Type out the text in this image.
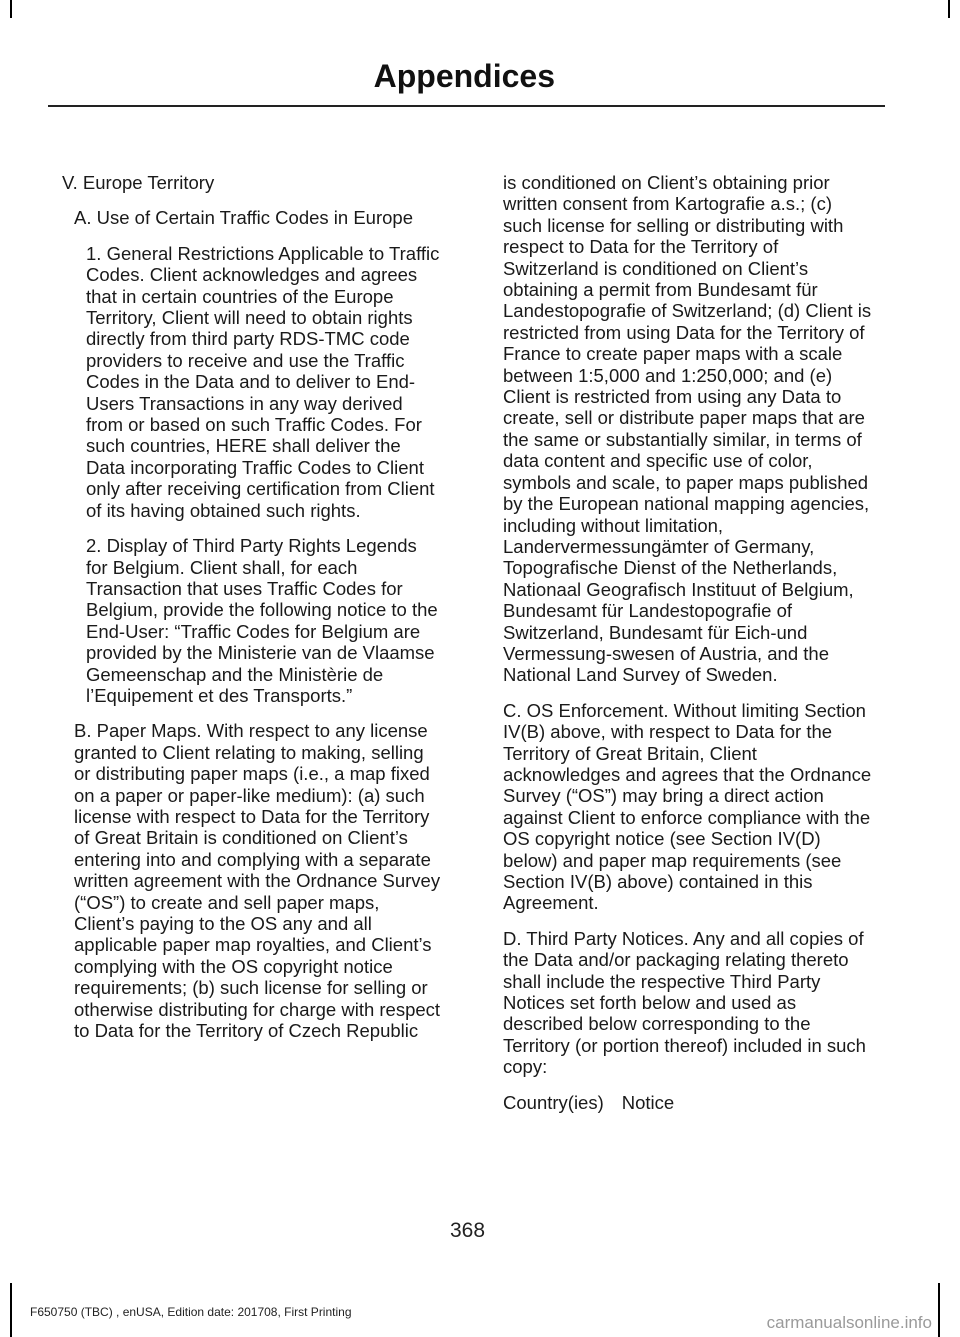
Appendices

V. Europe Territory

A. Use of Certain Traffic Codes in Europe

1. General Restrictions Applicable to Traffic Codes. Client acknowledges and agrees that in certain countries of the Europe Territory, Client will need to obtain rights directly from third party RDS-TMC code providers to receive and use the Traffic Codes in the Data and to deliver to End-Users Transactions in any way derived from or based on such Traffic Codes. For such countries, HERE shall deliver the Data incorporating Traffic Codes to Client only after receiving certification from Client of its having obtained such rights.

2. Display of Third Party Rights Legends for Belgium. Client shall, for each Transaction that uses Traffic Codes for Belgium, provide the following notice to the End-User: “Traffic Codes for Belgium are provided by the Ministerie van de Vlaamse Gemeenschap and the Ministèrie de l’Equipement et des Transports.”

B. Paper Maps. With respect to any license granted to Client relating to making, selling or distributing paper maps (i.e., a map fixed on a paper or paper-like medium): (a) such license with respect to Data for the Territory of Great Britain is conditioned on Client’s entering into and complying with a separate written agreement with the Ordnance Survey (“OS”) to create and sell paper maps, Client’s paying to the OS any and all applicable paper map royalties, and Client’s complying with the OS copyright notice requirements; (b) such license for selling or otherwise distributing for charge with respect to Data for the Territory of Czech Republic

is conditioned on Client’s obtaining prior written consent from Kartografie a.s.; (c) such license for selling or distributing with respect to Data for the Territory of Switzerland is conditioned on Client’s obtaining a permit from Bundesamt für Landestopografie of Switzerland; (d) Client is restricted from using Data for the Territory of France to create paper maps with a scale between 1:5,000 and 1:250,000; and (e) Client is restricted from using any Data to create, sell or distribute paper maps that are the same or substantially similar, in terms of data content and specific use of color, symbols and scale, to paper maps published by the European national mapping agencies, including without limitation, Landervermessungämter of Germany, Topografische Dienst of the Netherlands, Nationaal Geografisch Instituut of Belgium, Bundesamt für Landestopografie of Switzerland, Bundesamt für Eich-und Vermessung-swesen of Austria, and the National Land Survey of Sweden.

C. OS Enforcement. Without limiting Section IV(B) above, with respect to Data for the Territory of Great Britain, Client acknowledges and agrees that the Ordnance Survey (“OS”) may bring a direct action against Client to enforce compliance with the OS copyright notice (see Section IV(D) below) and paper map requirements (see Section IV(B) above) contained in this Agreement.

D. Third Party Notices. Any and all copies of the Data and/or packaging relating thereto shall include the respective Third Party Notices set forth below and used as described below corresponding to the Territory (or portion thereof) included in such copy:

Country(ies) Notice
368
F650750 (TBC) , enUSA, Edition date: 201708, First Printing
carmanualsonline.info
